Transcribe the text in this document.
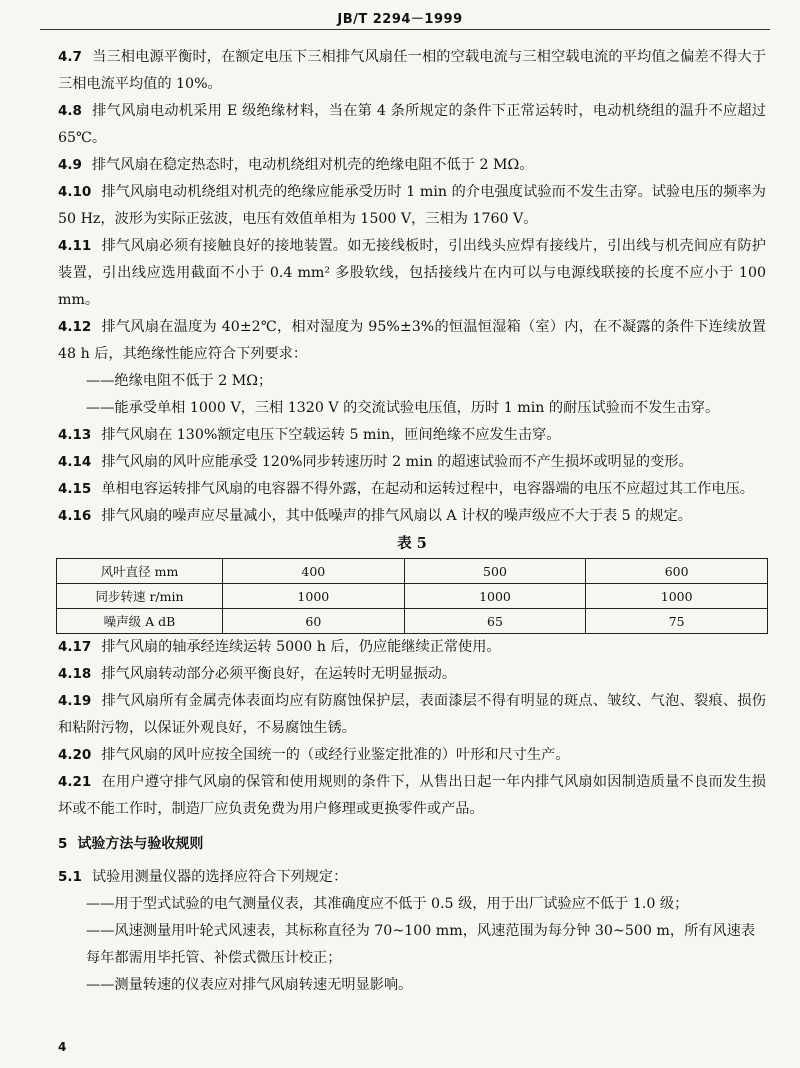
JB/T 2294－1999

4.7 当三相电源平衡时，在额定电压下三相排气风扇任一相的空载电流与三相空载电流的平均值之偏差不得大于三相电流平均值的 10%。

4.8 排气风扇电动机采用 E 级绝缘材料，当在第 4 条所规定的条件下正常运转时，电动机绕组的温升不应超过 65℃。

4.9 排气风扇在稳定热态时，电动机绕组对机壳的绝缘电阻不低于 2 MΩ。

4.10 排气风扇电动机绕组对机壳的绝缘应能承受历时 1 min 的介电强度试验而不发生击穿。试验电压的频率为 50 Hz，波形为实际正弦波，电压有效值单相为 1500 V，三相为 1760 V。

4.11 排气风扇必须有接触良好的接地装置。如无接线板时，引出线头应焊有接线片，引出线与机壳间应有防护装置，引出线应选用截面不小于 0.4 mm² 多股软线，包括接线片在内可以与电源线联接的长度不应小于 100 mm。

4.12 排气风扇在温度为 40±2℃，相对湿度为 95%±3%的恒温恒湿箱（室）内，在不凝露的条件下连续放置 48 h 后，其绝缘性能应符合下列要求：

——绝缘电阻不低于 2 MΩ；

——能承受单相 1000 V，三相 1320 V 的交流试验电压值，历时 1 min 的耐压试验而不发生击穿。

4.13 排气风扇在 130%额定电压下空载运转 5 min，匝间绝缘不应发生击穿。

4.14 排气风扇的风叶应能承受 120%同步转速历时 2 min 的超速试验而不产生损坏或明显的变形。

4.15 单相电容运转排气风扇的电容器不得外露，在起动和运转过程中，电容器端的电压不应超过其工作电压。

4.16 排气风扇的噪声应尽量减小，其中低噪声的排气风扇以 A 计权的噪声级应不大于表 5 的规定。

表 5
风叶直径 mm	400	500	600
同步转速 r/min	1000	1000	1000
噪声级 A dB	60	65	75

4.17 排气风扇的轴承经连续运转 5000 h 后，仍应能继续正常使用。

4.18 排气风扇转动部分必须平衡良好，在运转时无明显振动。

4.19 排气风扇所有金属壳体表面均应有防腐蚀保护层，表面漆层不得有明显的斑点、皱纹、气泡、裂痕、损伤和粘附污物，以保证外观良好，不易腐蚀生锈。

4.20 排气风扇的风叶应按全国统一的（或经行业鉴定批准的）叶形和尺寸生产。

4.21 在用户遵守排气风扇的保管和使用规则的条件下，从售出日起一年内排气风扇如因制造质量不良而发生损坏或不能工作时，制造厂应负责免费为用户修理或更换零件或产品。

5 试验方法与验收规则

5.1 试验用测量仪器的选择应符合下列规定：

——用于型式试验的电气测量仪表，其准确度应不低于 0.5 级，用于出厂试验应不低于 1.0 级；

——风速测量用叶轮式风速表，其标称直径为 70~100 mm，风速范围为每分钟 30~500 m，所有风速表每年都需用毕托管、补偿式微压计校正；

——测量转速的仪表应对排气风扇转速无明显影响。

4
